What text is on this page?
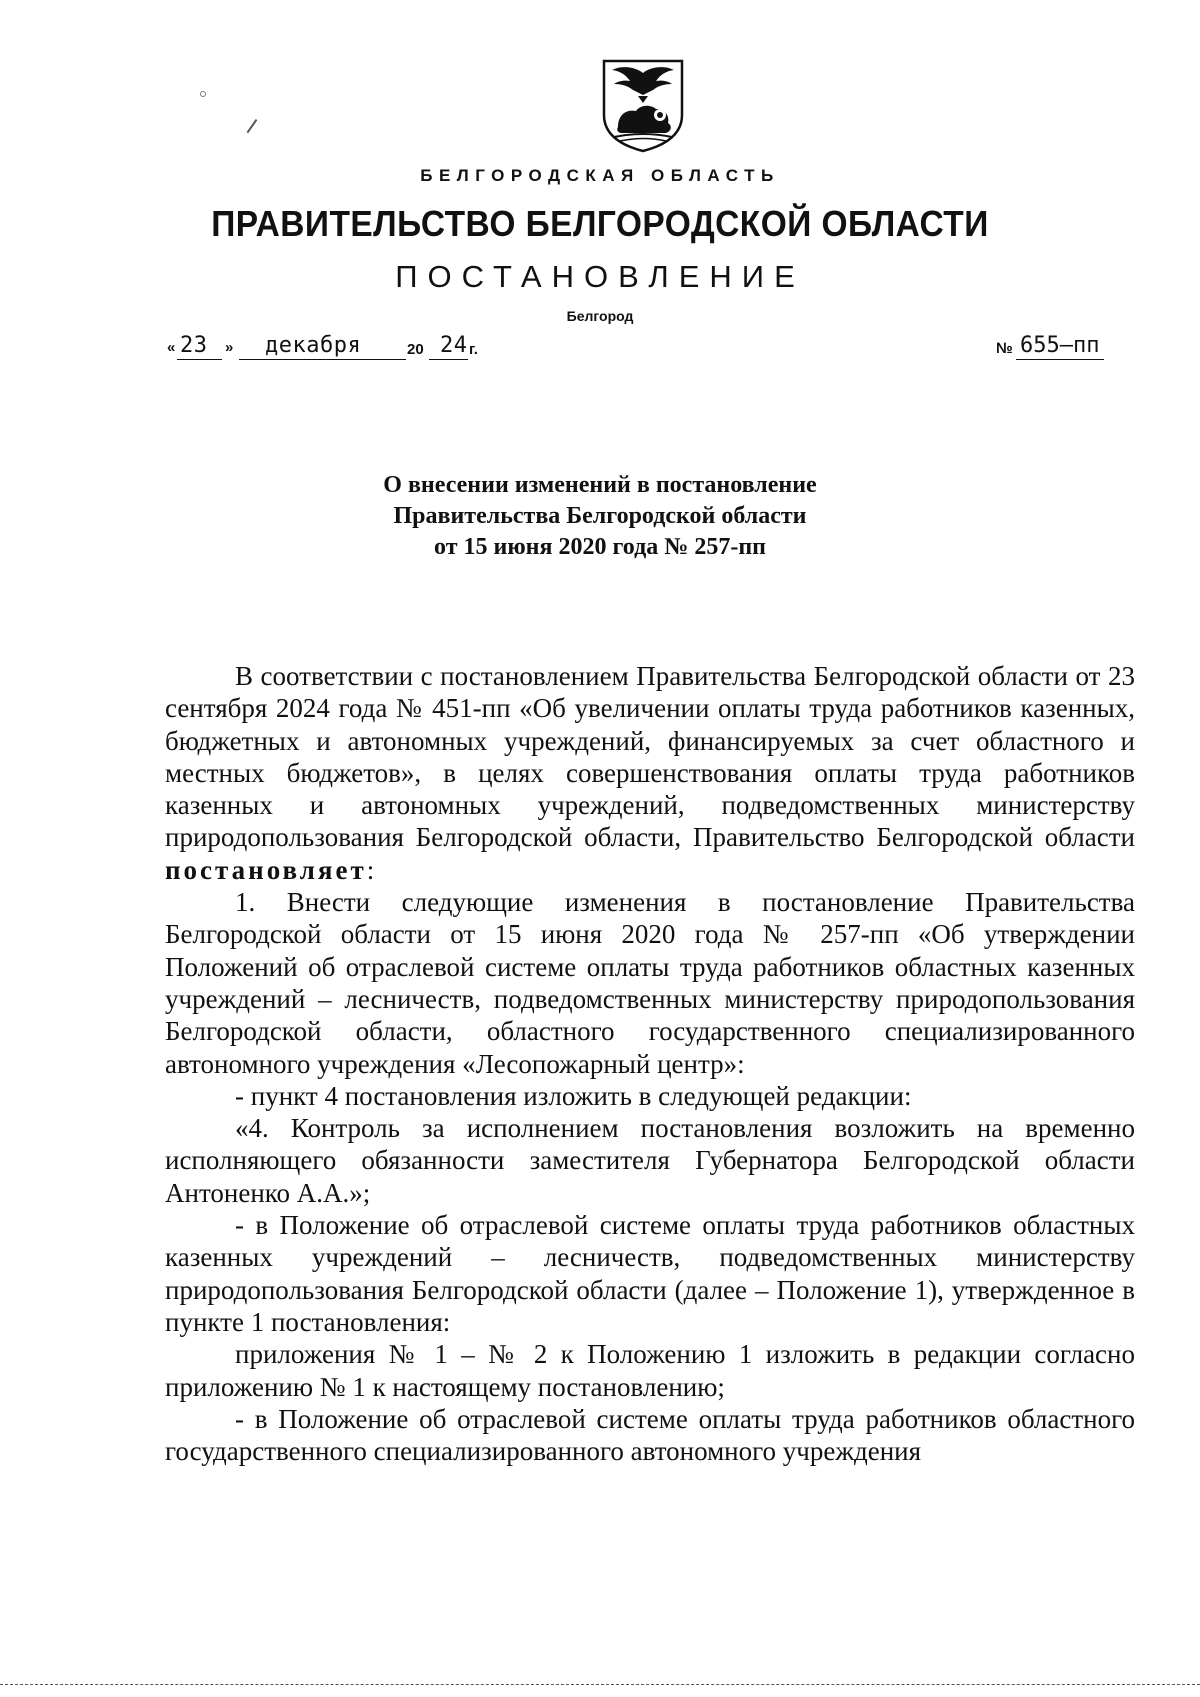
БЕЛГОРОДСКАЯ ОБЛАСТЬ
ПРАВИТЕЛЬСТВО БЕЛГОРОДСКОЙ ОБЛАСТИ
ПОСТАНОВЛЕНИЕ
Белгород
« 23 » декабря	20 24 г.	№ 655–пп
О внесении изменений в постановление
Правительства Белгородской области
от 15 июня 2020 года № 257-пп

В соответствии с постановлением Правительства Белгородской области от 23 сентября 2024 года № 451-пп «Об увеличении оплаты труда работников казенных, бюджетных и автономных учреждений, финансируемых за счет областного и местных бюджетов», в целях совершенствования оплаты труда работников казенных и автономных учреждений, подведомственных министерству природопользования Белгородской области, Правительство Белгородской области постановляет:

1. Внести следующие изменения в постановление Правительства Белгородской области от 15 июня 2020 года № 257-пп «Об утверждении Положений об отраслевой системе оплаты труда работников областных казенных учреждений – лесничеств, подведомственных министерству природопользования Белгородской области, областного государственного специализированного автономного учреждения «Лесопожарный центр»:

- пункт 4 постановления изложить в следующей редакции:

«4. Контроль за исполнением постановления возложить на временно исполняющего обязанности заместителя Губернатора Белгородской области Антоненко А.А.»;

- в Положение об отраслевой системе оплаты труда работников областных казенных учреждений – лесничеств, подведомственных министерству природопользования Белгородской области (далее – Положение 1), утвержденное в пункте 1 постановления:

приложения № 1 – № 2 к Положению 1 изложить в редакции согласно приложению № 1 к настоящему постановлению;

- в Положение об отраслевой системе оплаты труда работников областного государственного специализированного автономного учреждения
